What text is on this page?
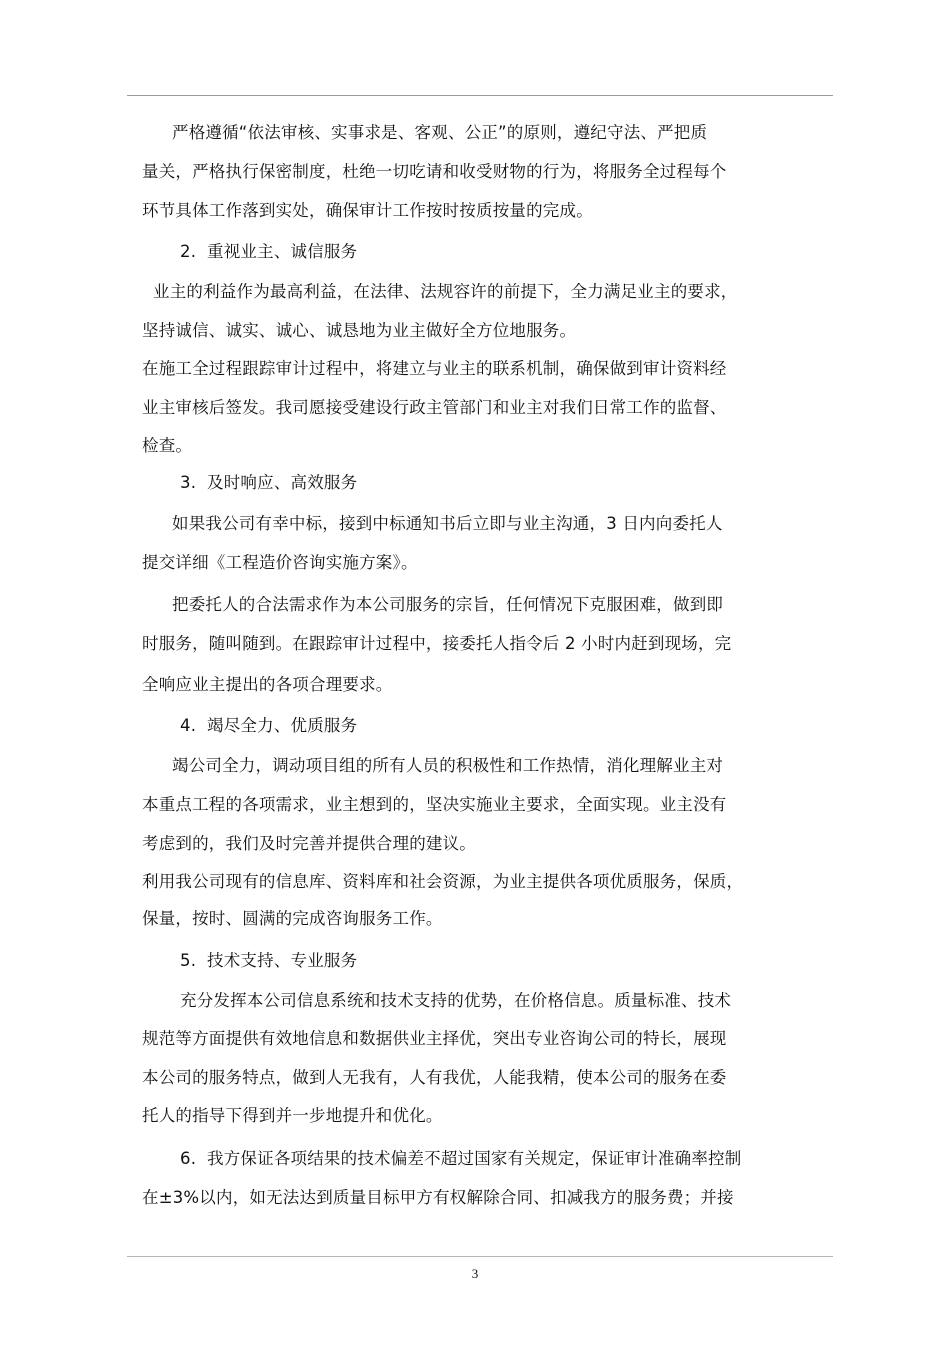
严格遵循“依法审核、实事求是、客观、公正”的原则，遵纪守法、严把质
量关，严格执行保密制度，杜绝一切吃请和收受财物的行为，将服务全过程每个
环节具体工作落到实处，确保审计工作按时按质按量的完成。
2.  重视业主、诚信服务
业主的利益作为最高利益，在法律、法规容许的前提下，全力满足业主的要求，
坚持诚信、诚实、诚心、诚恳地为业主做好全方位地服务。
在施工全过程跟踪审计过程中，将建立与业主的联系机制，确保做到审计资料经
业主审核后签发。我司愿接受建设行政主管部门和业主对我们日常工作的监督、
检查。
3.  及时响应、高效服务
如果我公司有幸中标，接到中标通知书后立即与业主沟通，3 日内向委托人
提交详细《工程造价咨询实施方案》。
把委托人的合法需求作为本公司服务的宗旨，任何情况下克服困难，做到即
时服务，随叫随到。在跟踪审计过程中，接委托人指令后 2 小时内赶到现场，完
全响应业主提出的各项合理要求。
4.  竭尽全力、优质服务
竭公司全力，调动项目组的所有人员的积极性和工作热情，消化理解业主对
本重点工程的各项需求，业主想到的，坚决实施业主要求，全面实现。业主没有
考虑到的，我们及时完善并提供合理的建议。
利用我公司现有的信息库、资料库和社会资源，为业主提供各项优质服务，保质，
保量，按时、圆满的完成咨询服务工作。
5.  技术支持、专业服务
充分发挥本公司信息系统和技术支持的优势，在价格信息。质量标准、技术
规范等方面提供有效地信息和数据供业主择优，突出专业咨询公司的特长，展现
本公司的服务特点，做到人无我有，人有我优，人能我精，使本公司的服务在委
托人的指导下得到并一步地提升和优化。
6.  我方保证各项结果的技术偏差不超过国家有关规定，保证审计准确率控制
在±3%以内，如无法达到质量目标甲方有权解除合同、扣减我方的服务费；并接
3
